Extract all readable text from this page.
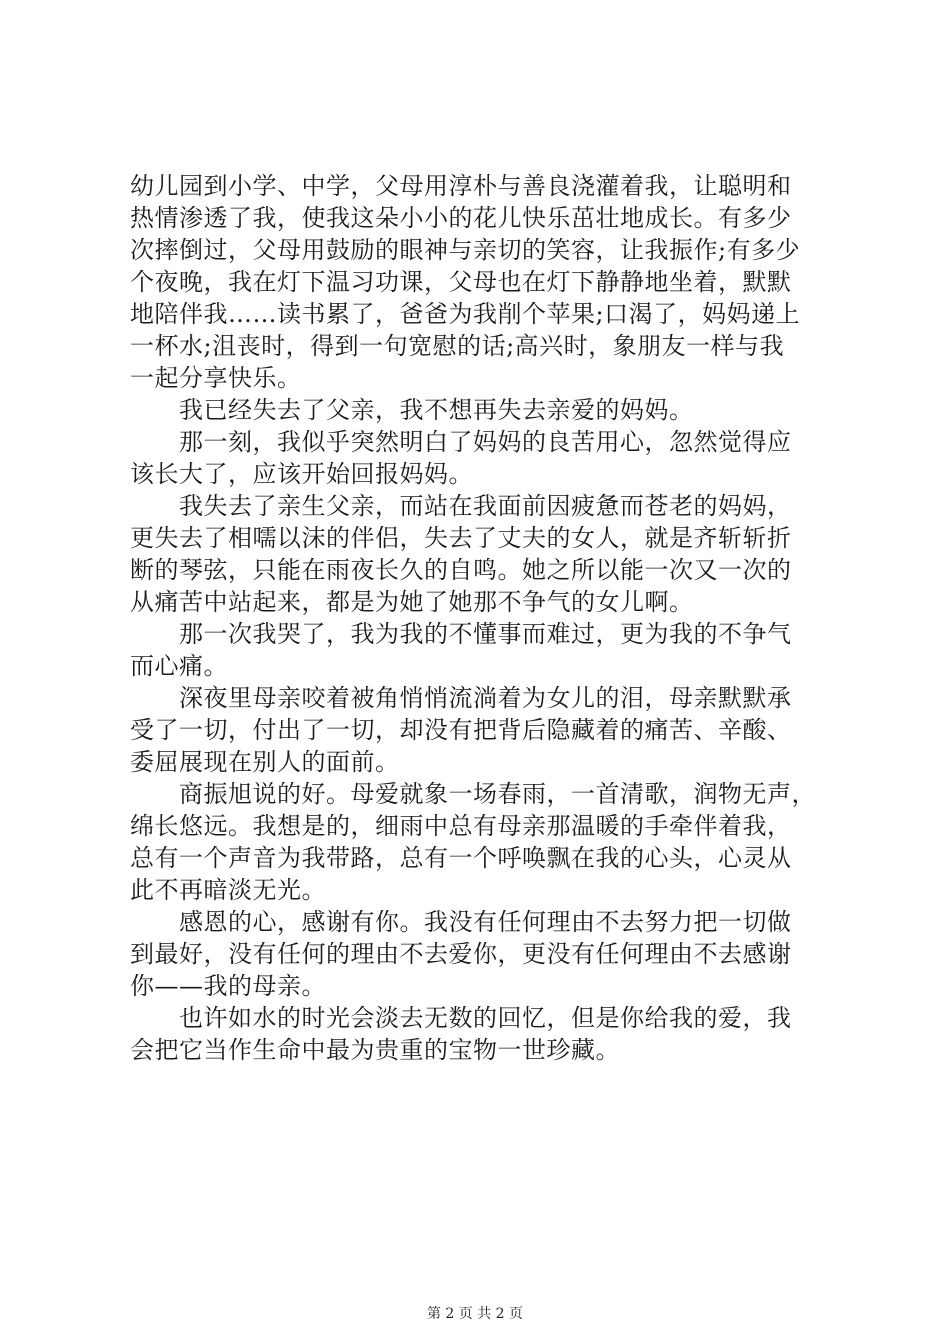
幼儿园到小学、中学，父母用淳朴与善良浇灌着我，让聪明和
热情渗透了我，使我这朵小小的花儿快乐茁壮地成长。有多少
次摔倒过，父母用鼓励的眼神与亲切的笑容，让我振作;有多少
个夜晚，我在灯下温习功课，父母也在灯下静静地坐着，默默
地陪伴我……读书累了，爸爸为我削个苹果;口渴了，妈妈递上
一杯水;沮丧时，得到一句宽慰的话;高兴时，象朋友一样与我
一起分享快乐。
　　我已经失去了父亲，我不想再失去亲爱的妈妈。
　　那一刻，我似乎突然明白了妈妈的良苦用心，忽然觉得应
该长大了，应该开始回报妈妈。
　　我失去了亲生父亲，而站在我面前因疲惫而苍老的妈妈，
更失去了相嚅以沫的伴侣，失去了丈夫的女人，就是齐斩斩折
断的琴弦，只能在雨夜长久的自鸣。她之所以能一次又一次的
从痛苦中站起来，都是为她了她那不争气的女儿啊。
　　那一次我哭了，我为我的不懂事而难过，更为我的不争气
而心痛。
　　深夜里母亲咬着被角悄悄流淌着为女儿的泪，母亲默默承
受了一切，付出了一切，却没有把背后隐藏着的痛苦、辛酸、
委屈展现在别人的面前。
　　商振旭说的好。母爱就象一场春雨，一首清歌，润物无声，
绵长悠远。我想是的，细雨中总有母亲那温暖的手牵伴着我，
总有一个声音为我带路，总有一个呼唤飘在我的心头，心灵从
此不再暗淡无光。
　　感恩的心，感谢有你。我没有任何理由不去努力把一切做
到最好，没有任何的理由不去爱你，更没有任何理由不去感谢
你——我的母亲。
　　也许如水的时光会淡去无数的回忆，但是你给我的爱，我
会把它当作生命中最为贵重的宝物一世珍藏。
第 2 页 共 2 页
